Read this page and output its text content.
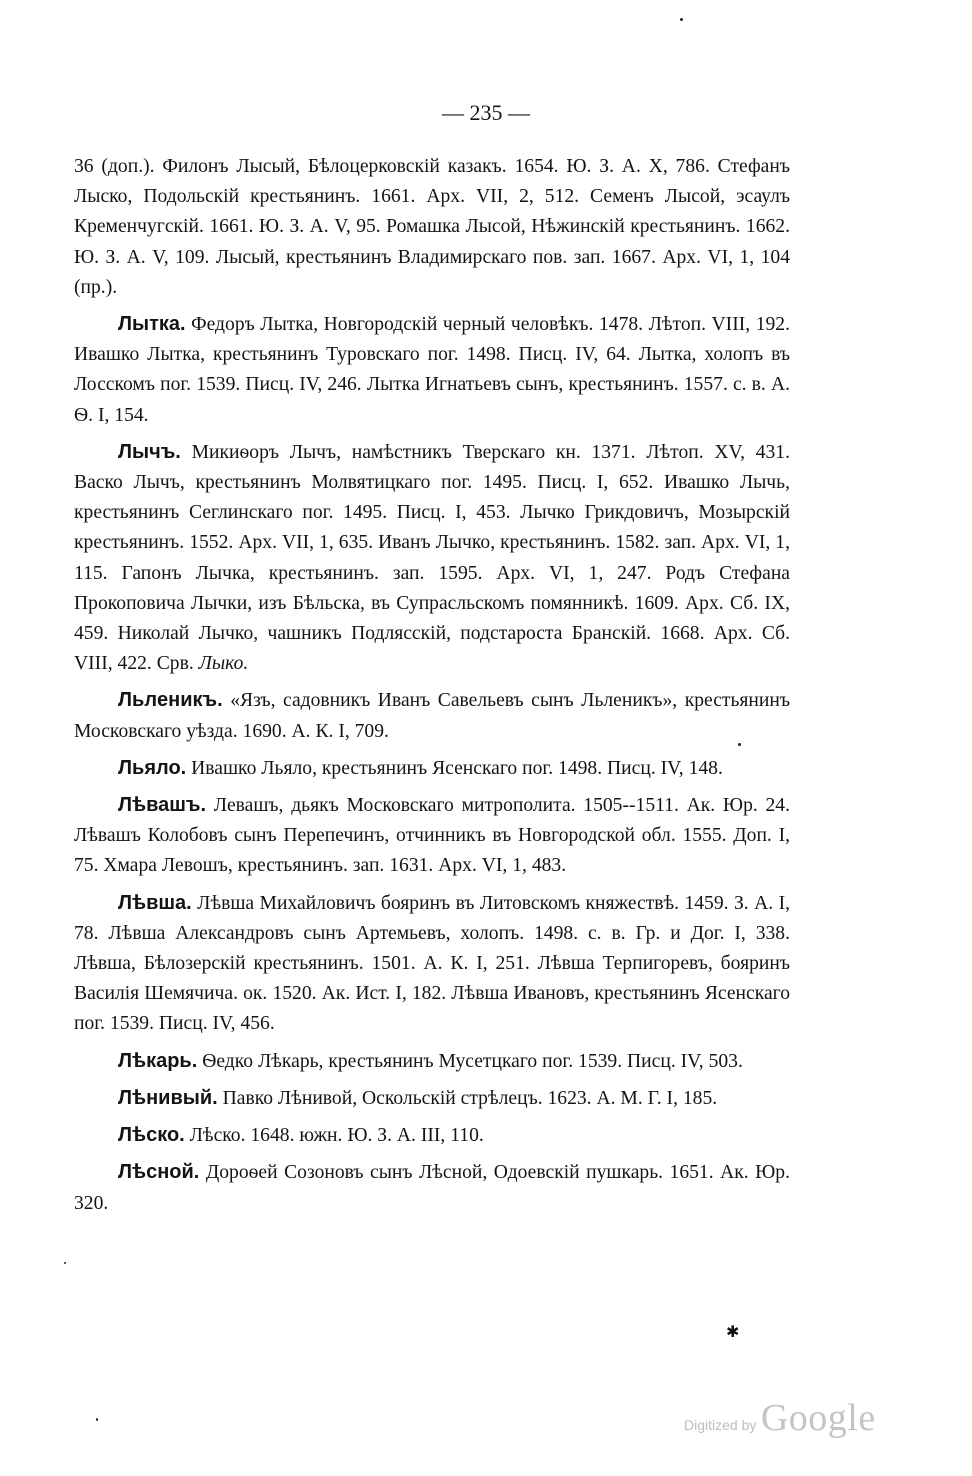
— 235 —

36 (доп.). Филонъ Лысый, Бѣлоцерковскій казакъ. 1654. Ю. З. А. X, 786. Стефанъ Лыско, Подольскій крестьянинъ. 1661. Арх. VII, 2, 512. Семенъ Лысой, эсаулъ Кременчугскій. 1661. Ю. З. А. V, 95. Ромашка Лысой, Нѣжинскій крестьянинъ. 1662. Ю. З. А. V, 109. Лысый, крестьянинъ Владимирскаго пов. зап. 1667. Арх. VI, 1, 104 (пр.).

Лытка. Федоръ Лытка, Новгородскій черный человѣкъ. 1478. Лѣтоп. VIII, 192. Ивашко Лытка, крестьянинъ Туровскаго пог. 1498. Писц. IV, 64. Лытка, холопъ въ Лосскомъ пог. 1539. Писц. IV, 246. Лытка Игнатьевъ сынъ, крестьянинъ. 1557. с. в. А. Ѳ. I, 154.

Лычъ. Микиѳоръ Лычъ, намѣстникъ Тверскаго кн. 1371. Лѣтоп. XV, 431. Васко Лычъ, крестьянинъ Молвятицкаго пог. 1495. Писц. I, 652. Ивашко Лычь, крестьянинъ Сеглинскаго пог. 1495. Писц. I, 453. Лычко Грикдовичъ, Мозырскій крестьянинъ. 1552. Арх. VII, 1, 635. Иванъ Лычко, крестьянинъ. 1582. зап. Арх. VI, 1, 115. Гапонъ Лычка, крестьянинъ. зап. 1595. Арх. VI, 1, 247. Родъ Стефана Прокоповича Лычки, изъ Бѣльска, въ Супрасльскомъ помянникѣ. 1609. Арх. Сб. IX, 459. Николай Лычко, чашникъ Подлясскій, подстароста Бранскій. 1668. Арх. Сб. VIII, 422. Срв. Лыко.

Льлeникъ. «Язъ, садовникъ Иванъ Савельевъ сынъ Льлeникъ», крестьянинъ Московскаго уѣзда. 1690. А. К. I, 709.

Льяло. Ивашко Льяло, крестьянинъ Ясенскаго пог. 1498. Писц. IV, 148.

Лѣвашъ. Левашъ, дьякъ Московскаго митрополита. 1505--1511. Ак. Юр. 24. Лѣвашъ Колобовъ сынъ Перепечинъ, отчинникъ въ Новгородской обл. 1555. Доп. I, 75. Хмара Левошъ, крестьянинъ. зап. 1631. Арх. VI, 1, 483.

Лѣвша. Лѣвша Михайловичъ бояринъ въ Литовскомъ княжествѣ. 1459. З. А. I, 78. Лѣвша Александровъ сынъ Артемьевъ, холопъ. 1498. с. в. Гр. и Дог. I, 338. Лѣвша, Бѣлозерскій крестьянинъ. 1501. А. К. I, 251. Лѣвша Терпигоревъ, бояринъ Василія Шемячича. ок. 1520. Ак. Ист. I, 182. Лѣвша Ивановъ, крестьянинъ Ясенскаго пог. 1539. Писц. IV, 456.

Лѣкарь. Ѳедко Лѣкарь, крестьянинъ Мусетцкаго пог. 1539. Писц. IV, 503.

Лѣнивый. Павко Лѣнивой, Оскольскій стрѣлецъ. 1623. А. М. Г. I, 185.

Лѣско. Лѣско. 1648. южн. Ю. З. А. III, 110.

Лѣсной. Дороѳей Созоновъ сынъ Лѣсной, Одоевскій пушкарь. 1651. Ак. Юр. 320.

✱
Digitized by Google
